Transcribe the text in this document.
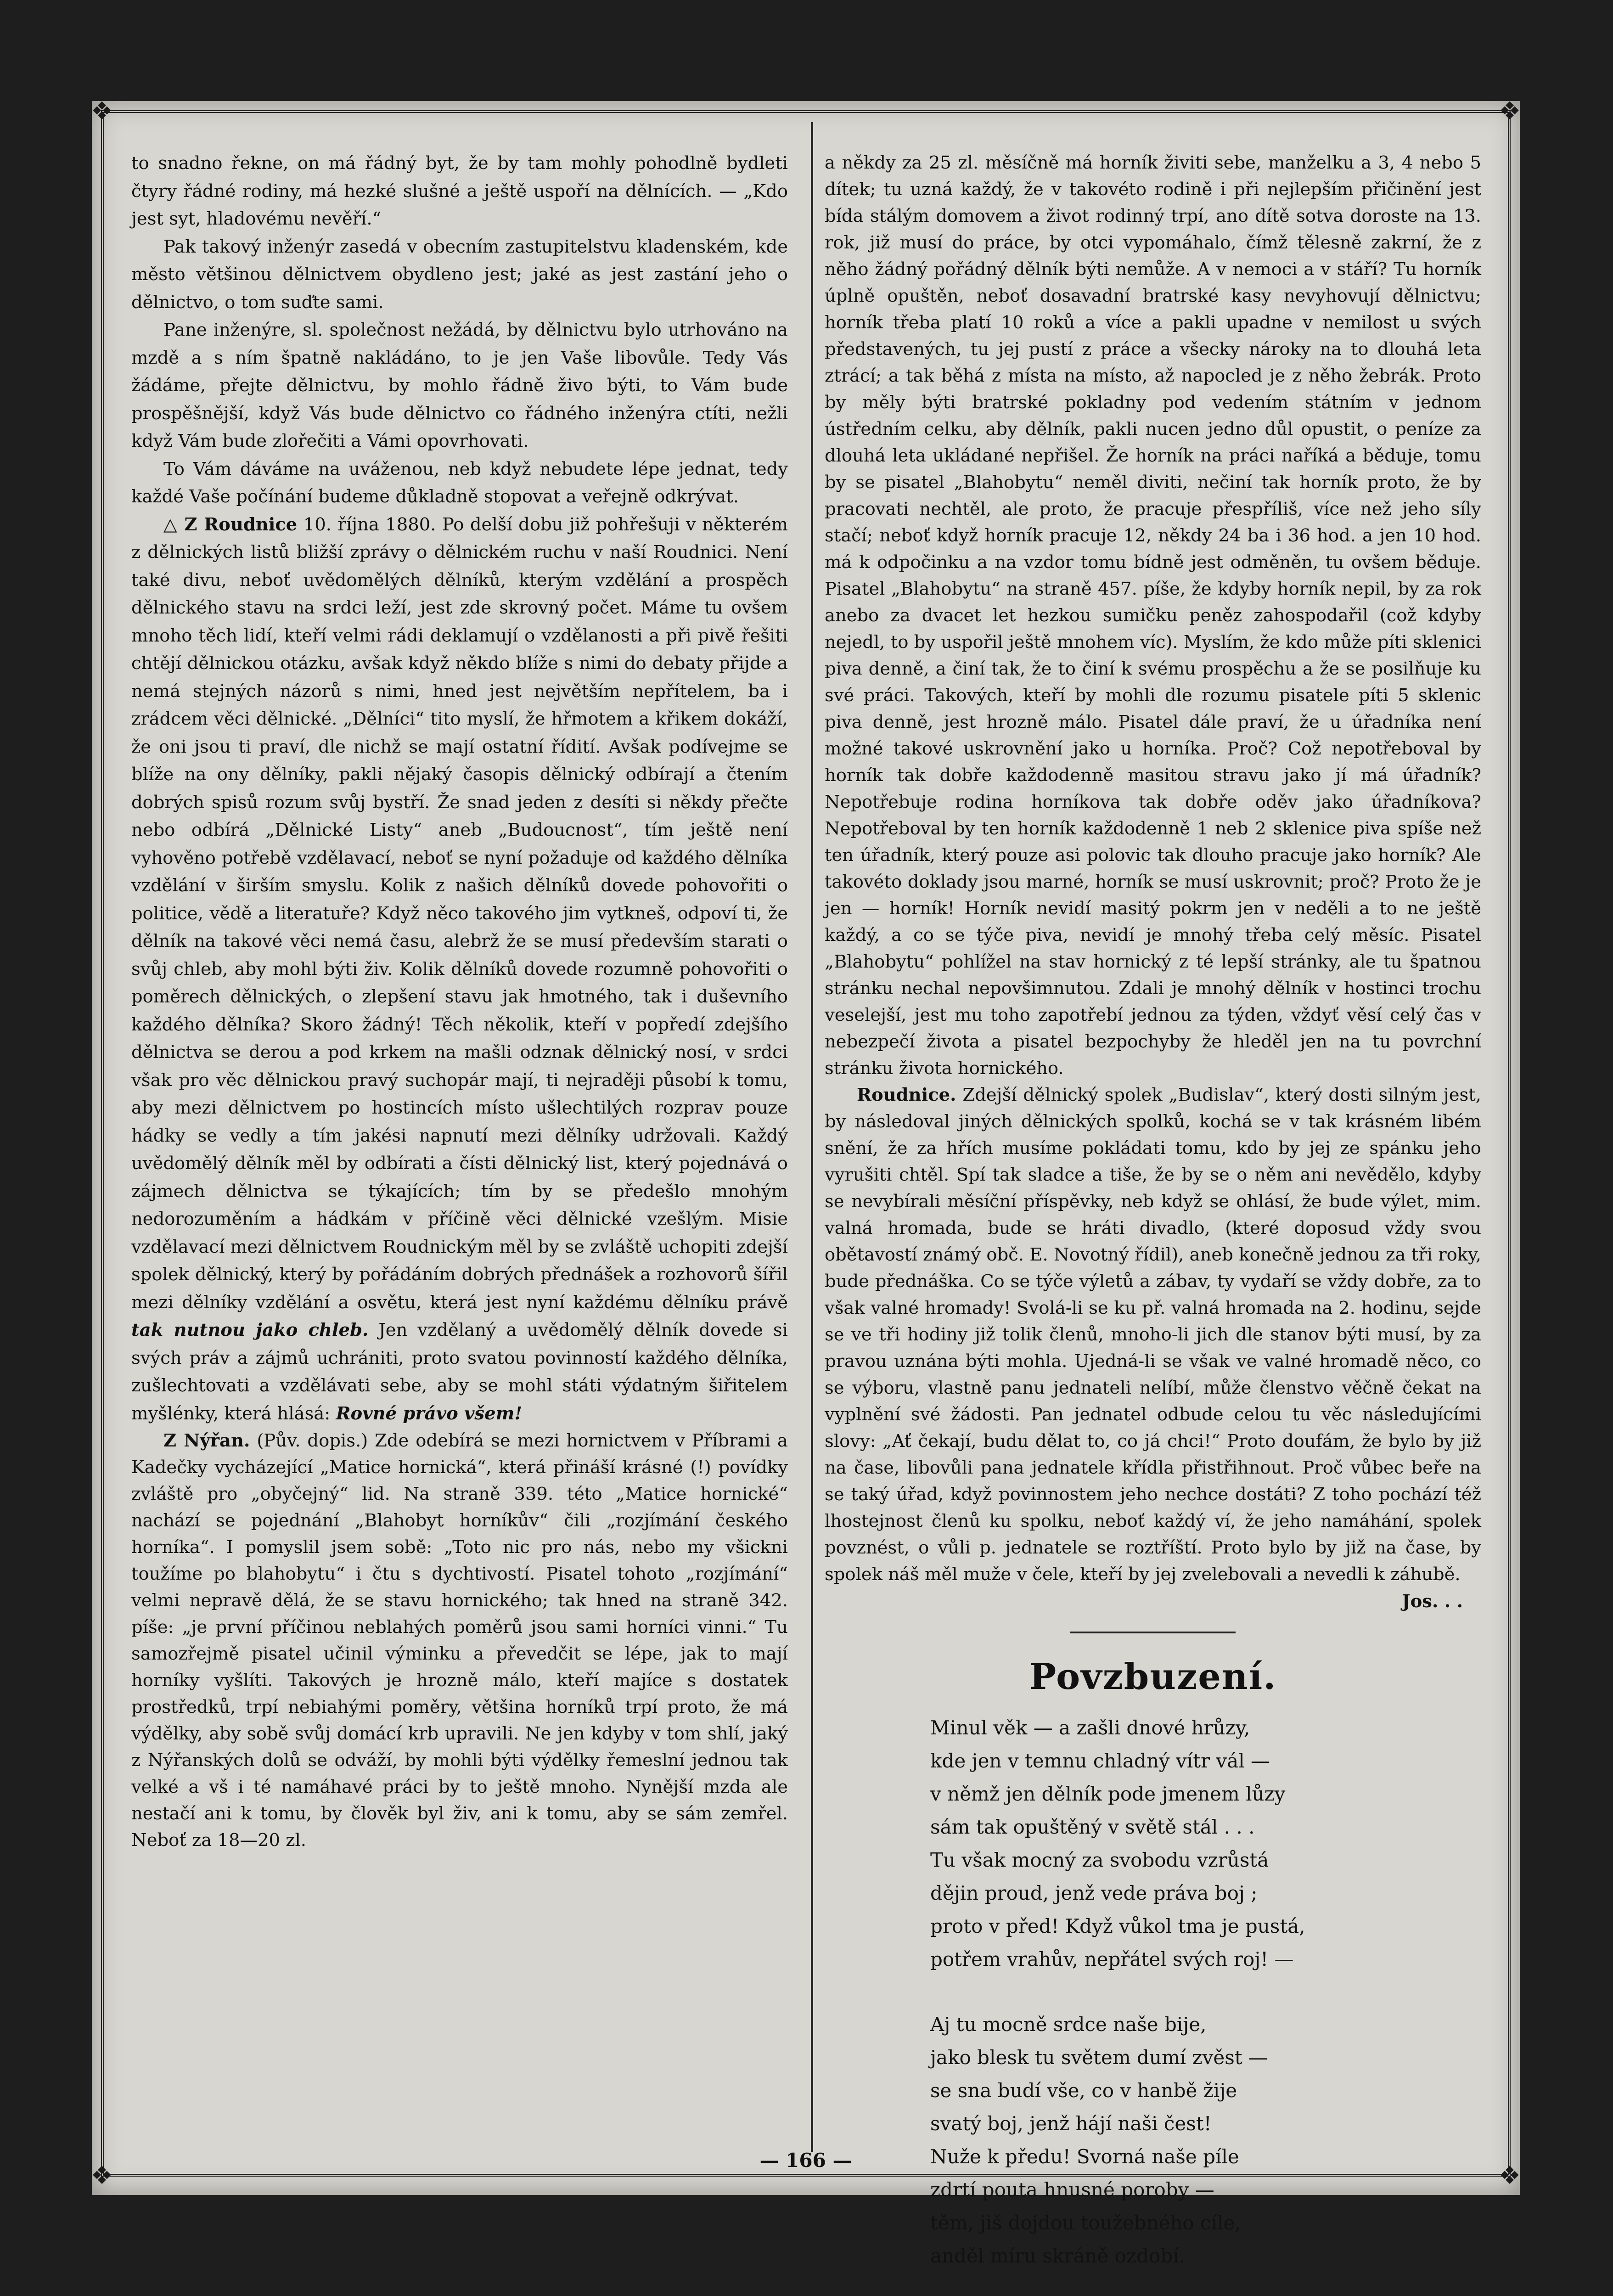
❖	❖
❖	❖

to snadno řekne, on má řádný byt, že by tam mohly pohodlně bydleti čtyry řádné rodiny, má hezké slušné a ještě uspoří na dělnících. — „Kdo jest syt, hladovému nevěří.“

Pak takový inženýr zasedá v obecním zastupitelstvu kladenském, kde město většinou dělnictvem obydleno jest; jaké as jest zastání jeho o dělnictvo, o tom suďte sami.

Pane inženýre, sl. společnost nežádá, by dělnictvu bylo utrhováno na mzdě a s ním špatně nakládáno, to je jen Vaše libovůle. Tedy Vás žádáme, přejte dělnictvu, by mohlo řádně živo býti, to Vám bude prospěšnější, když Vás bude dělnictvo co řádného inženýra ctíti, nežli když Vám bude zlořečiti a Vámi opovrhovati.

To Vám dáváme na uváženou, neb když nebudete lépe jednat, tedy každé Vaše počínání budeme důkladně stopovat a veřejně odkrývat.

△ Z Roudnice 10. října 1880. Po delší dobu již pohřešuji v některém z dělnických listů bližší zprávy o dělnickém ruchu v naší Roudnici. Není také divu, neboť uvědomělých dělníků, kterým vzdělání a prospěch dělnického stavu na srdci leží, jest zde skrovný počet. Máme tu ovšem mnoho těch lidí, kteří velmi rádi deklamují o vzdělanosti a při pivě řešiti chtějí dělnickou otázku, avšak když někdo blíže s nimi do debaty přijde a nemá stejných názorů s nimi, hned jest největším nepřítelem, ba i zrádcem věci dělnické. „Dělníci“ tito myslí, že hřmotem a křikem dokáží, že oni jsou ti praví, dle nichž se mají ostatní řídití. Avšak podívejme se blíže na ony dělníky, pakli nějaký časopis dělnický odbírají a čtením dobrých spisů rozum svůj bystří. Že snad jeden z desíti si někdy přečte nebo odbírá „Dělnické Listy“ aneb „Budoucnost“, tím ještě není vyhověno potřebě vzdělavací, neboť se nyní požaduje od každého dělníka vzdělání v širším smyslu. Kolik z našich dělníků dovede pohovořiti o politice, vědě a literatuře? Když něco takového jim vytkneš, odpoví ti, že dělník na takové věci nemá času, alebrž že se musí především starati o svůj chleb, aby mohl býti živ. Kolik dělníků dovede rozumně pohovořiti o poměrech dělnických, o zlepšení stavu jak hmotného, tak i duševního každého dělníka? Skoro žádný! Těch několik, kteří v popředí zdejšího dělnictva se derou a pod krkem na mašli odznak dělnický nosí, v srdci však pro věc dělnickou pravý suchopár mají, ti nejraději působí k tomu, aby mezi dělnictvem po hostincích místo ušlechtilých rozprav pouze hádky se vedly a tím jakési napnutí mezi dělníky udržovali. Každý uvědomělý dělník měl by odbírati a čísti dělnický list, který pojednává o zájmech dělnictva se týkajících; tím by se předešlo mnohým nedorozuměním a hádkám v příčině věci dělnické vzešlým. Misie vzdělavací mezi dělnictvem Roudnickým měl by se zvláště uchopiti zdejší spolek dělnický, který by pořádáním dobrých přednášek a rozhovorů šířil mezi dělníky vzdělání a osvětu, která jest nyní každému dělníku právě tak nutnou jako chleb. Jen vzdělaný a uvědomělý dělník dovede si svých práv a zájmů uchrániti, proto svatou povinností každého dělníka, zušlechtovati a vzdělávati sebe, aby se mohl státi výdatným šiřitelem myšlénky, která hlásá: Rovné právo všem!

Z Nýřan. (Pův. dopis.) Zde odebírá se mezi hornictvem v Příbrami a Kadečky vycházející „Matice hornická“, která přináší krásné (!) povídky zvláště pro „obyčejný“ lid. Na straně 339. této „Matice hornické“ nachází se pojednání „Blahobyt horníkův“ čili „rozjímání českého horníka“. I pomyslil jsem sobě: „Toto nic pro nás, nebo my všickni toužíme po blahobytu“ i čtu s dychtivostí. Pisatel tohoto „rozjímání“ velmi nepravě dělá, že se stavu hornického; tak hned na straně 342. píše: „je první příčinou neblahých poměrů jsou sami horníci vinni.“ Tu samozřejmě pisatel učinil výminku a převedčit se lépe, jak to mají horníky vyšlíti. Takových je hrozně málo, kteří majíce s dostatek prostředků, trpí nebiahými poměry, většina horníků trpí proto, že má výdělky, aby sobě svůj domácí krb upravili. Ne jen kdyby v tom shlí, jaký z Nýřanských dolů se odváží, by mohli býti výdělky řemeslní jednou tak velké a vš i té namáhavé práci by to ještě mnoho. Nynější mzda ale nestačí ani k tomu, by člověk byl živ, ani k tomu, aby se sám zemřel. Neboť za 18—20 zl.

a někdy za 25 zl. měsíčně má horník živiti sebe, manželku a 3, 4 nebo 5 dítek; tu uzná každý, že v takovéto rodině i při nejlepším přičinění jest bída stálým domovem a život rodinný trpí, ano dítě sotva doroste na 13. rok, již musí do práce, by otci vypomáhalo, čímž tělesně zakrní, že z něho žádný pořádný dělník býti nemůže. A v nemoci a v stáří? Tu horník úplně opuštěn, neboť dosavadní bratrské kasy nevyhovují dělnictvu; horník třeba platí 10 roků a více a pakli upadne v nemilost u svých představených, tu jej pustí z práce a všecky nároky na to dlouhá leta ztrácí; a tak běhá z místa na místo, až napoсled je z něho žebrák. Proto by měly býti bratrské pokladny pod vedením státním v jednom ústředním celku, aby dělník, pakli nucen jedno důl opustit, o peníze za dlouhá leta ukládané nepřišel. Že horník na práci naříká a běduje, tomu by se pisatel „Blahobytu“ neměl diviti, nečiní tak horník proto, že by pracovati nechtěl, ale proto, že pracuje přespříliš, více než jeho síly stačí; neboť když horník pracuje 12, někdy 24 ba i 36 hod. a jen 10 hod. má k odpočinku a na vzdor tomu bídně jest odměněn, tu ovšem běduje. Pisatel „Blahobytu“ na straně 457. píše, že kdyby horník nepil, by za rok anebo za dvacet let hezkou sumičku peněz zahospodařil (což kdyby nejedl, to by uspořil ještě mnohem víc). Myslím, že kdo může píti sklenici piva denně, a činí tak, že to činí k svému prospěchu a že se posilňuje ku své práci. Takových, kteří by mohli dle rozumu pisatele píti 5 sklenic piva denně, jest hrozně málo. Pisatel dále praví, že u úřadníka není možné takové uskrovnění jako u horníka. Proč? Což nepotřeboval by horník tak dobře každodenně masitou stravu jako jí má úřadník? Nepotřebuje rodina horníkova tak dobře oděv jako úřadníkova? Nepotřeboval by ten horník každodenně 1 neb 2 sklenice piva spíše než ten úřadník, který pouze asi polovic tak dlouho pracuje jako horník? Ale takovéto doklady jsou marné, horník se musí uskrovnit; proč? Proto že je jen — horník! Horník nevidí masitý pokrm jen v neděli a to ne ještě každý, a co se týče piva, nevidí je mnohý třeba celý měsíc. Pisatel „Blahobytu“ pohlížel na stav hornický z té lepší stránky, ale tu špatnou stránku nechal nepovšimnutou. Zdali je mnohý dělník v hostinci trochu veselejší, jest mu toho zapotřebí jednou za týden, vždyť věsí celý čas v nebezpečí života a pisatel bezpochyby že hleděl jen na tu povrchní stránku života hornického.

Roudnice. Zdejší dělnický spolek „Budislav“, který dosti silným jest, by následoval jiných dělnických spolků, kochá se v tak krásném libém snění, že za hřích musíme pokládati tomu, kdo by jej ze spánku jeho vyrušiti chtěl. Spí tak sladce a tiše, že by se o něm ani nevědělo, kdyby se nevybírali měsíční příspěvky, neb když se ohlásí, že bude výlet, mim. valná hromada, bude se hráti divadlo, (které doposud vždy svou obětavostí známý obč. E. Novotný řídil), aneb konečně jednou za tři roky, bude přednáška. Co se týče výletů a zábav, ty vydaří se vždy dobře, za to však valné hromady! Svolá-li se ku př. valná hromada na 2. hodinu, sejde se ve tři hodiny již tolik členů, mnoho-li jich dle stanov býti musí, by za pravou uznána býti mohla. Ujedná-li se však ve valné hromadě něco, co se výboru, vlastně panu jednateli nelíbí, může členstvo věčně čekat na vyplnění své žádosti. Pan jednatel odbude celou tu věc následujícími slovy: „Ať čekají, budu dělat to, co já chci!“ Proto doufám, že bylo by již na čase, libovůli pana jednatele křídla přistřihnout. Proč vůbec beře na se taký úřad, když povinnostem jeho nechce dostáti? Z toho pochází též lhostejnost členů ku spolku, neboť každý ví, že jeho namáhání, spolek povznést, o vůli p. jednatele se roztříští. Proto bylo by již na čase, by spolek náš měl muže v čele, kteří by jej zvelebovali a nevedli k záhubě.

Jos. . .

Povzbuzení.
Minul věk — a zašli dnové hrůzy,
kde jen v temnu chladný vítr vál —
v němž jen dělník pode jmenem lůzy
sám tak opuštěný v světě stál . . .
Tu však mocný za svobodu vzrůstá
dějin proud, jenž vede práva boj ;
proto v před! Když vůkol tma je pustá,
potřem vrahův, nepřátel svých roj! —
Aj tu mocně srdce naše bije,
jako blesk tu světem dumí zvěst —
se sna budí vše, co v hanbě žije
svatý boj, jenž hájí naši čest!
Nuže k předu! Svorná naše píle
zdrtí pouta hnusné poroby —
těm, jiš dojdou toužebného cíle,
anděl míru skráně ozdobí.
— 166 —
